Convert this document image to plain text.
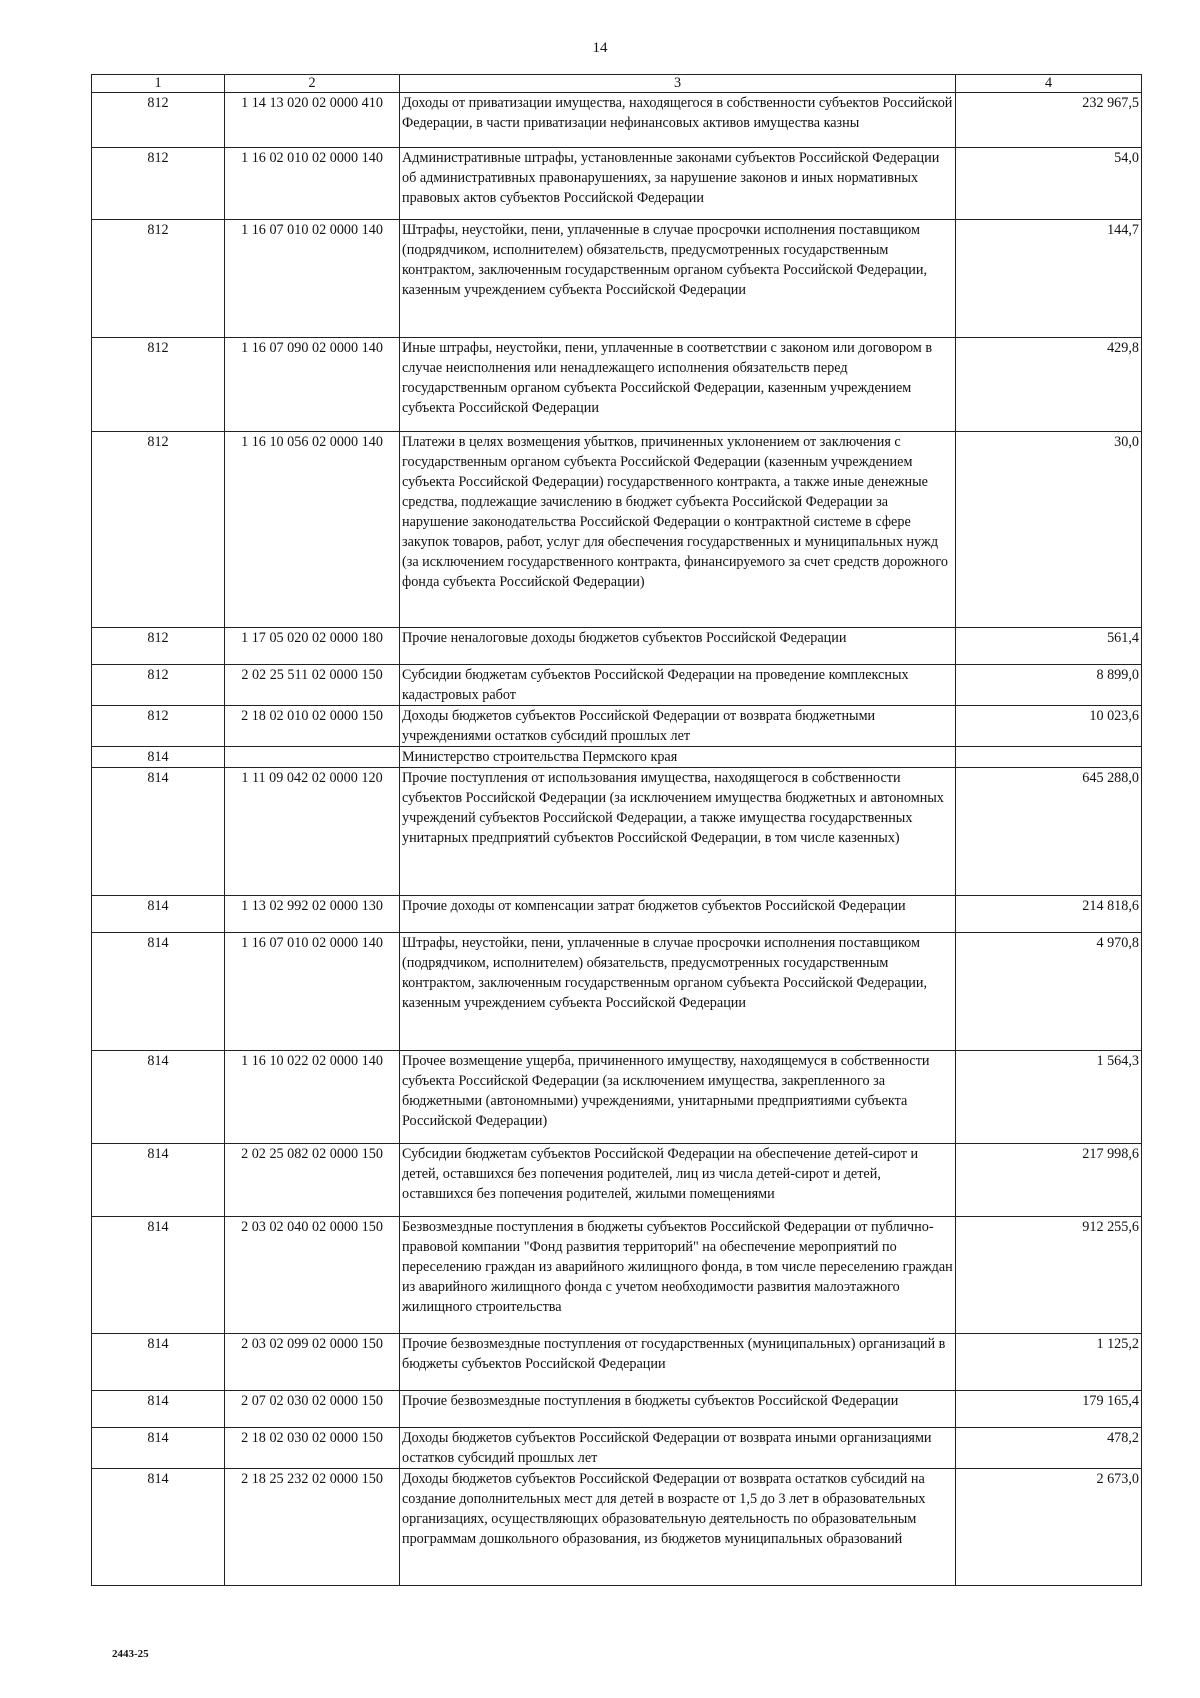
14
1	2	3	4
812	1 14 13 020 02 0000 410	Доходы от приватизации имущества, находящегося в собственности субъектов Российской Федерации, в части приватизации нефинансовых активов имущества казны	232 967,5
812	1 16 02 010 02 0000 140	Административные штрафы, установленные законами субъектов Российской Федерации об административных правонарушениях, за нарушение законов и иных нормативных правовых актов субъектов Российской Федерации	54,0
812	1 16 07 010 02 0000 140	Штрафы, неустойки, пени, уплаченные в случае просрочки исполнения поставщиком (подрядчиком, исполнителем) обязательств, предусмотренных государственным контрактом, заключенным государственным органом субъекта Российской Федерации, казенным учреждением субъекта Российской Федерации	144,7
812	1 16 07 090 02 0000 140	Иные штрафы, неустойки, пени, уплаченные в соответствии с законом или договором в случае неисполнения или ненадлежащего исполнения обязательств перед государственным органом субъекта Российской Федерации, казенным учреждением субъекта Российской Федерации	429,8
812	1 16 10 056 02 0000 140	Платежи в целях возмещения убытков, причиненных уклонением от заключения с государственным органом субъекта Российской Федерации (казенным учреждением субъекта Российской Федерации) государственного контракта, а также иные денежные средства, подлежащие зачислению в бюджет субъекта Российской Федерации за нарушение законодательства Российской Федерации о контрактной системе в сфере закупок товаров, работ, услуг для обеспечения государственных и муниципальных нужд (за исключением государственного контракта, финансируемого за счет средств дорожного фонда субъекта Российской Федерации)	30,0
812	1 17 05 020 02 0000 180	Прочие неналоговые доходы бюджетов субъектов Российской Федерации	561,4
812	2 02 25 511 02 0000 150	Субсидии бюджетам субъектов Российской Федерации на проведение комплексных кадастровых работ	8 899,0
812	2 18 02 010 02 0000 150	Доходы бюджетов субъектов Российской Федерации от возврата бюджетными учреждениями остатков субсидий прошлых лет	10 023,6
814		Министерство строительства Пермского края	
814	1 11 09 042 02 0000 120	Прочие поступления от использования имущества, находящегося в собственности субъектов Российской Федерации (за исключением имущества бюджетных и автономных учреждений субъектов Российской Федерации, а также имущества государственных унитарных предприятий субъектов Российской Федерации, в том числе казенных)	645 288,0
814	1 13 02 992 02 0000 130	Прочие доходы от компенсации затрат бюджетов субъектов Российской Федерации	214 818,6
814	1 16 07 010 02 0000 140	Штрафы, неустойки, пени, уплаченные в случае просрочки исполнения поставщиком (подрядчиком, исполнителем) обязательств, предусмотренных государственным контрактом, заключенным государственным органом субъекта Российской Федерации, казенным учреждением субъекта Российской Федерации	4 970,8
814	1 16 10 022 02 0000 140	Прочее возмещение ущерба, причиненного имуществу, находящемуся в собственности субъекта Российской Федерации (за исключением имущества, закрепленного за бюджетными (автономными) учреждениями, унитарными предприятиями субъекта Российской Федерации)	1 564,3
814	2 02 25 082 02 0000 150	Субсидии бюджетам субъектов Российской Федерации на обеспечение детей-сирот и детей, оставшихся без попечения родителей, лиц из числа детей-сирот и детей, оставшихся без попечения родителей, жилыми помещениями	217 998,6
814	2 03 02 040 02 0000 150	Безвозмездные поступления в бюджеты субъектов Российской Федерации от публично-правовой компании "Фонд развития территорий" на обеспечение мероприятий по переселению граждан из аварийного жилищного фонда, в том числе переселению граждан из аварийного жилищного фонда с учетом необходимости развития малоэтажного жилищного строительства	912 255,6
814	2 03 02 099 02 0000 150	Прочие безвозмездные поступления от государственных (муниципальных) организаций в бюджеты субъектов Российской Федерации	1 125,2
814	2 07 02 030 02 0000 150	Прочие безвозмездные поступления в бюджеты субъектов Российской Федерации	179 165,4
814	2 18 02 030 02 0000 150	Доходы бюджетов субъектов Российской Федерации от возврата иными организациями остатков субсидий прошлых лет	478,2
814	2 18 25 232 02 0000 150	Доходы бюджетов субъектов Российской Федерации от возврата остатков субсидий на создание дополнительных мест для детей в возрасте от 1,5 до 3 лет в образовательных организациях, осуществляющих образовательную деятельность по образовательным программам дошкольного образования, из бюджетов муниципальных образований	2 673,0
2443-25
